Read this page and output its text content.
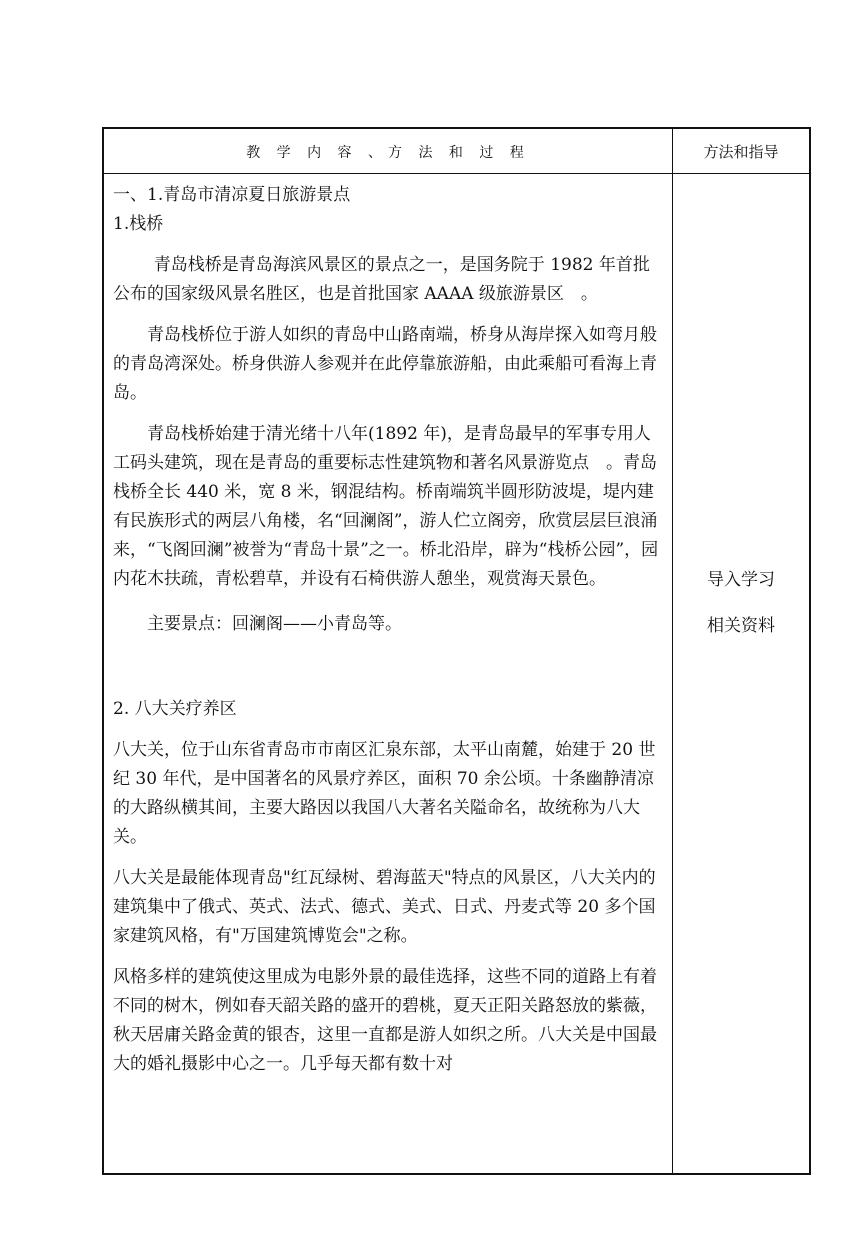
教 学 内 容 、方 法 和 过 程	方法和指导

一、1.青岛市清凉夏日旅游景点

1.栈桥

青岛栈桥是青岛海滨风景区的景点之一，是国务院于 1982 年首批公布的国家级风景名胜区，也是首批国家 AAAA 级旅游景区　。

青岛栈桥位于游人如织的青岛中山路南端，桥身从海岸探入如弯月般的青岛湾深处。桥身供游人参观并在此停靠旅游船，由此乘船可看海上青岛。

青岛栈桥始建于清光绪十八年(1892 年)，是青岛最早的军事专用人工码头建筑，现在是青岛的重要标志性建筑物和著名风景游览点　。青岛栈桥全长 440 米，宽 8 米，钢混结构。桥南端筑半圆形防波堤，堤内建有民族形式的两层八角楼，名“回澜阁”，游人伫立阁旁，欣赏层层巨浪涌来，“飞阁回澜”被誉为“青岛十景”之一。桥北沿岸，辟为“栈桥公园”，园内花木扶疏，青松碧草，并设有石椅供游人憩坐，观赏海天景色。

主要景点：回澜阁——小青岛等。

2. 八大关疗养区

八大关，位于山东省青岛市市南区汇泉东部，太平山南麓，始建于 20 世纪 30 年代，是中国著名的风景疗养区，面积 70 余公顷。十条幽静清凉的大路纵横其间，主要大路因以我国八大著名关隘命名，故统称为八大关。

八大关是最能体现青岛"红瓦绿树、碧海蓝天"特点的风景区，八大关内的建筑集中了俄式、英式、法式、德式、美式、日式、丹麦式等 20 多个国家建筑风格，有"万国建筑博览会"之称。

风格多样的建筑使这里成为电影外景的最佳选择，这些不同的道路上有着不同的树木，例如春天韶关路的盛开的碧桃，夏天正阳关路怒放的紫薇，秋天居庸关路金黄的银杏，这里一直都是游人如织之所。八大关是中国最大的婚礼摄影中心之一。几乎每天都有数十对

导入学习
相关资料
